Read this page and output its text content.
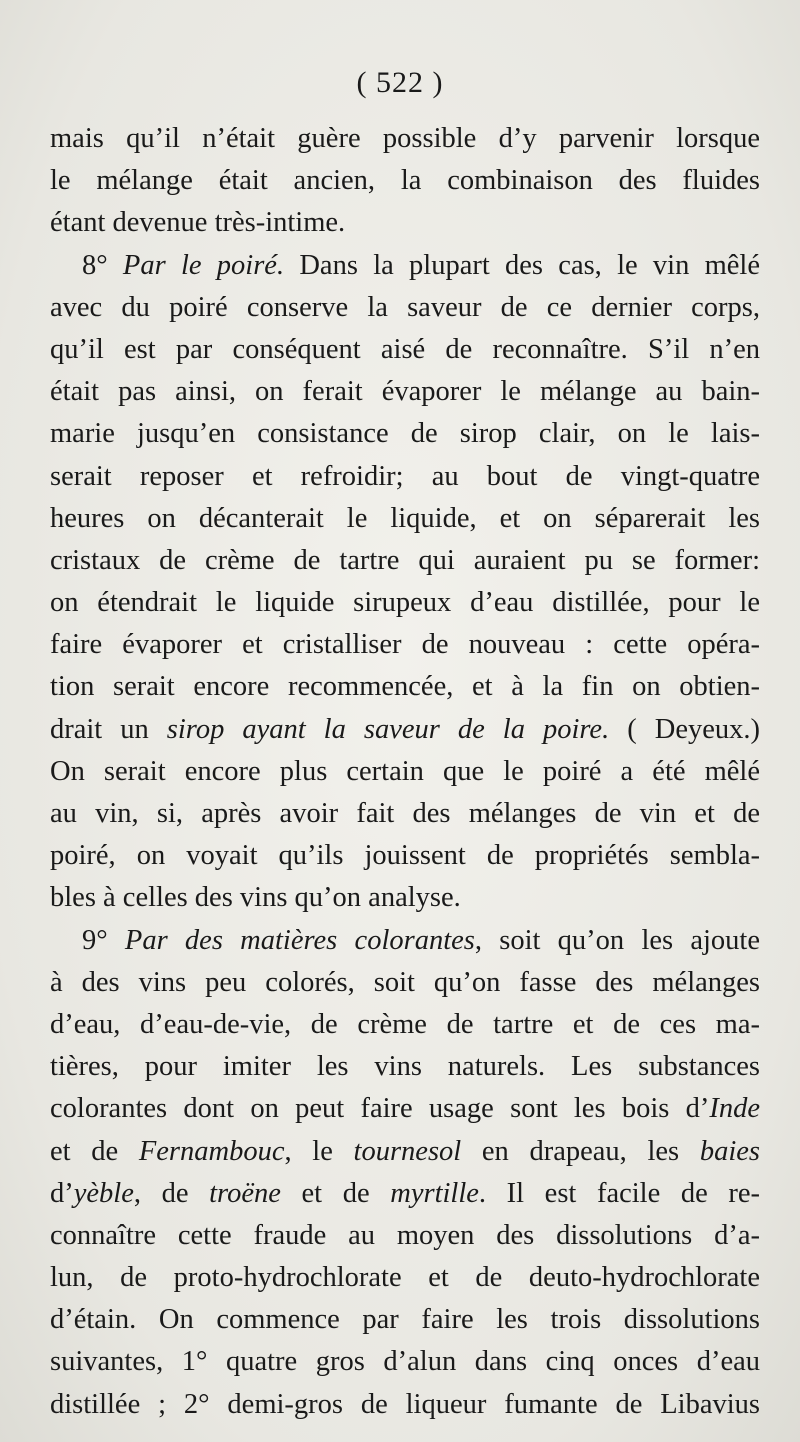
( 522 )
mais qu’il n’était guère possible d’y parvenir lorsque
le mélange était ancien, la combinaison des fluides
étant devenue très-intime.
8° Par le poiré. Dans la plupart des cas, le vin mêlé
avec du poiré conserve la saveur de ce dernier corps,
qu’il est par conséquent aisé de reconnaître. S’il n’en
était pas ainsi, on ferait évaporer le mélange au bain-
marie jusqu’en consistance de sirop clair, on le lais-
serait reposer et refroidir; au bout de vingt-quatre
heures on décanterait le liquide, et on séparerait les
cristaux de crème de tartre qui auraient pu se former:
on étendrait le liquide sirupeux d’eau distillée, pour le
faire évaporer et cristalliser de nouveau : cette opéra-
tion serait encore recommencée, et à la fin on obtien-
drait un sirop ayant la saveur de la poire. ( Deyeux.)
On serait encore plus certain que le poiré a été mêlé
au vin, si, après avoir fait des mélanges de vin et de
poiré, on voyait qu’ils jouissent de propriétés sembla-
bles à celles des vins qu’on analyse.
9° Par des matières colorantes, soit qu’on les ajoute
à des vins peu colorés, soit qu’on fasse des mélanges
d’eau, d’eau-de-vie, de crème de tartre et de ces ma-
tières, pour imiter les vins naturels. Les substances
colorantes dont on peut faire usage sont les bois d’Inde
et de Fernambouc, le tournesol en drapeau, les baies
d’yèble, de troëne et de myrtille. Il est facile de re-
connaître cette fraude au moyen des dissolutions d’a-
lun, de proto-hydrochlorate et de deuto-hydrochlorate
d’étain. On commence par faire les trois dissolutions
suivantes, 1° quatre gros d’alun dans cinq onces d’eau
distillée ; 2° demi-gros de liqueur fumante de Libavius
